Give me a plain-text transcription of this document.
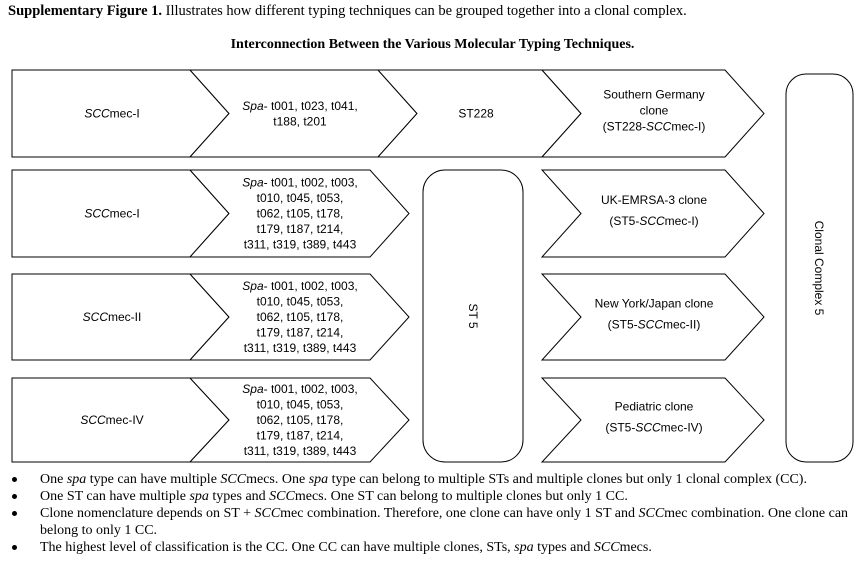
Supplementary Figure 1. Illustrates how different typing techniques can be grouped together into a clonal complex.
Interconnection Between the Various Molecular Typing Techniques.
SCCmec-I
Spa- t001, t023, t041, t188, t201
ST228
Southern Germany clone (ST228-SCCmec-I)
SCCmec-I
Spa- t001, t002, t003, t010, t045, t053, t062, t105, t178, t179, t187, t214, t311, t319, t389, t443
UK-EMRSA-3 clone (ST5-SCCmec-I)
SCCmec-II
Spa- t001, t002, t003, t010, t045, t053, t062, t105, t178, t179, t187, t214, t311, t319, t389, t443
New York/Japan clone (ST5-SCCmec-II)
SCCmec-IV
Spa- t001, t002, t003, t010, t045, t053, t062, t105, t178, t179, t187, t214, t311, t319, t389, t443
Pediatric clone (ST5-SCCmec-IV)
ST 5
Clonal Complex 5
One spa type can have multiple SCCmecs. One spa type can belong to multiple STs and multiple clones but only 1 clonal complex (CC).
One ST can have multiple spa types and SCCmecs. One ST can belong to multiple clones but only 1 CC.
Clone nomenclature depends on ST + SCCmec combination. Therefore, one clone can have only 1 ST and SCCmec combination. One clone can belong to only 1 CC.
The highest level of classification is the CC. One CC can have multiple clones, STs, spa types and SCCmecs.
